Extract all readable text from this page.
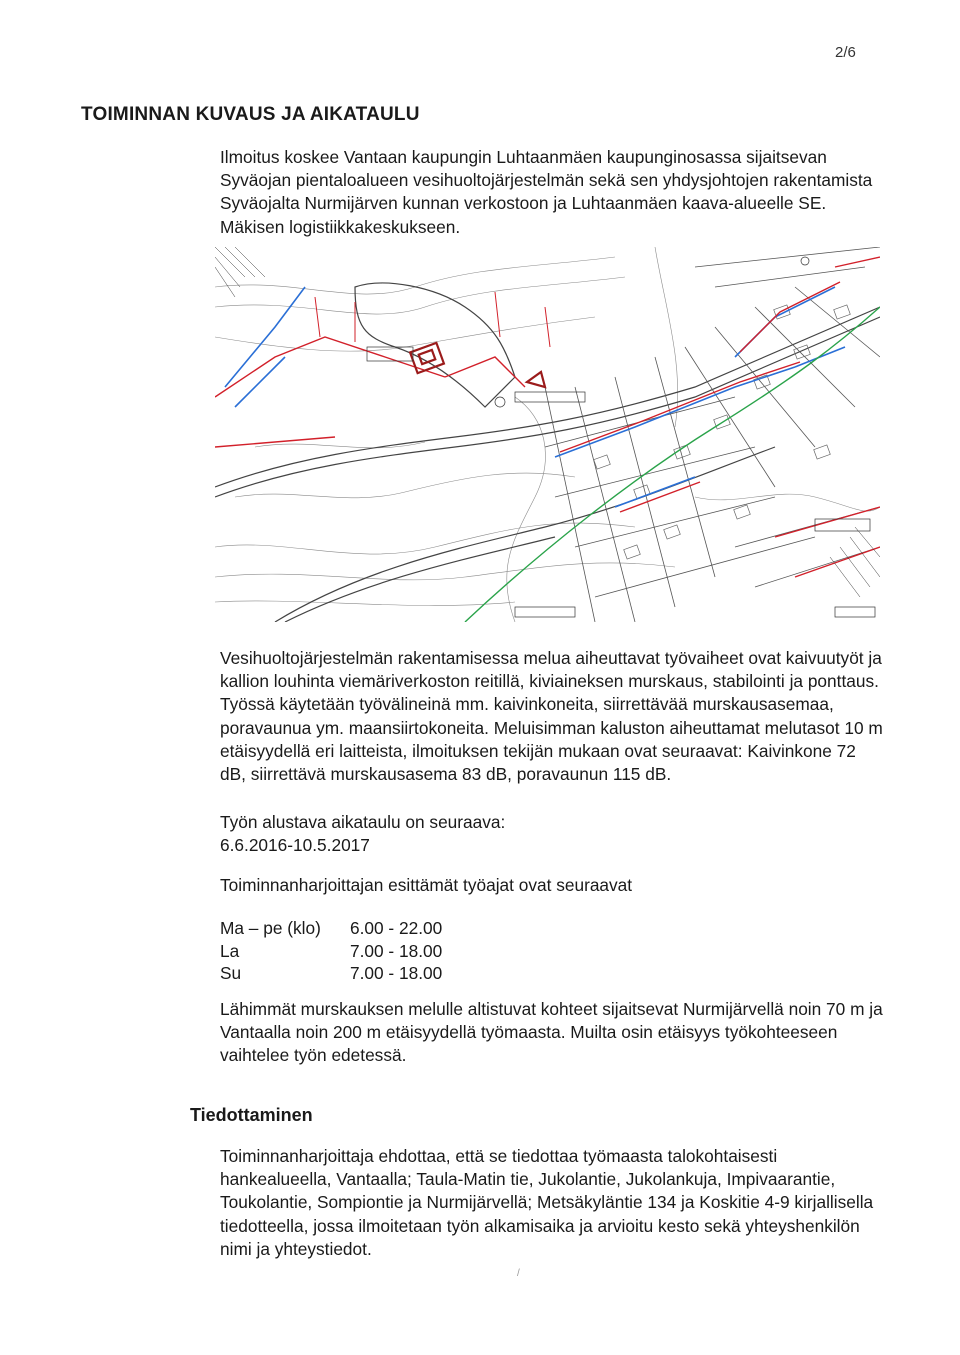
2/6
TOIMINNAN KUVAUS JA AIKATAULU

Ilmoitus koskee Vantaan kaupungin Luhtaanmäen kaupunginosassa sijaitsevan Syväojan pientaloalueen vesihuoltojärjestelmän sekä sen yhdysjohtojen rakentamista Syväojalta Nurmijärven kunnan verkostoon ja Luhtaanmäen kaava-alueelle SE. Mäkisen logistiikkakeskukseen.

Vesihuoltojärjestelmän rakentamisessa melua aiheuttavat työvaiheet ovat kaivuutyöt ja kallion louhinta viemäriverkoston reitillä, kiviaineksen murskaus, stabilointi ja ponttaus. Työssä käytetään työvälineinä mm. kaivinkoneita, siirrettävää murskausasemaa, poravaunua ym. maansiirtokoneita. Meluisimman kaluston aiheuttamat melutasot 10 m etäisyydellä eri laitteista, ilmoituksen tekijän mukaan ovat seuraavat: Kaivinkone 72 dB, siirrettävä murskausasema 83 dB, poravaunun 115 dB.

Työn alustava aikataulu on seuraava:
6.6.2016-10.5.2017

Toiminnanharjoittajan esittämät työajat ovat seuraavat

Ma – pe (klo)	6.00 - 22.00
La	7.00 - 18.00
Su	7.00 - 18.00

Lähimmät murskauksen melulle altistuvat kohteet sijaitsevat Nurmijärvellä noin 70 m ja Vantaalla noin 200 m etäisyydellä työmaasta. Muilta osin etäisyys työkohteeseen vaihtelee työn edetessä.

Tiedottaminen

Toiminnanharjoittaja ehdottaa, että se tiedottaa työmaasta talokohtaisesti hankealueella, Vantaalla; Taula-Matin tie, Jukolantie, Jukolankuja, Impivaarantie, Toukolantie, Sompiontie ja Nurmijärvellä; Metsäkyläntie 134 ja Koskitie 4-9 kirjallisella tiedotteella, jossa ilmoitetaan työn alkamisaika ja arvioitu kesto sekä yhteyshenkilön nimi ja yhteystiedot.

/
